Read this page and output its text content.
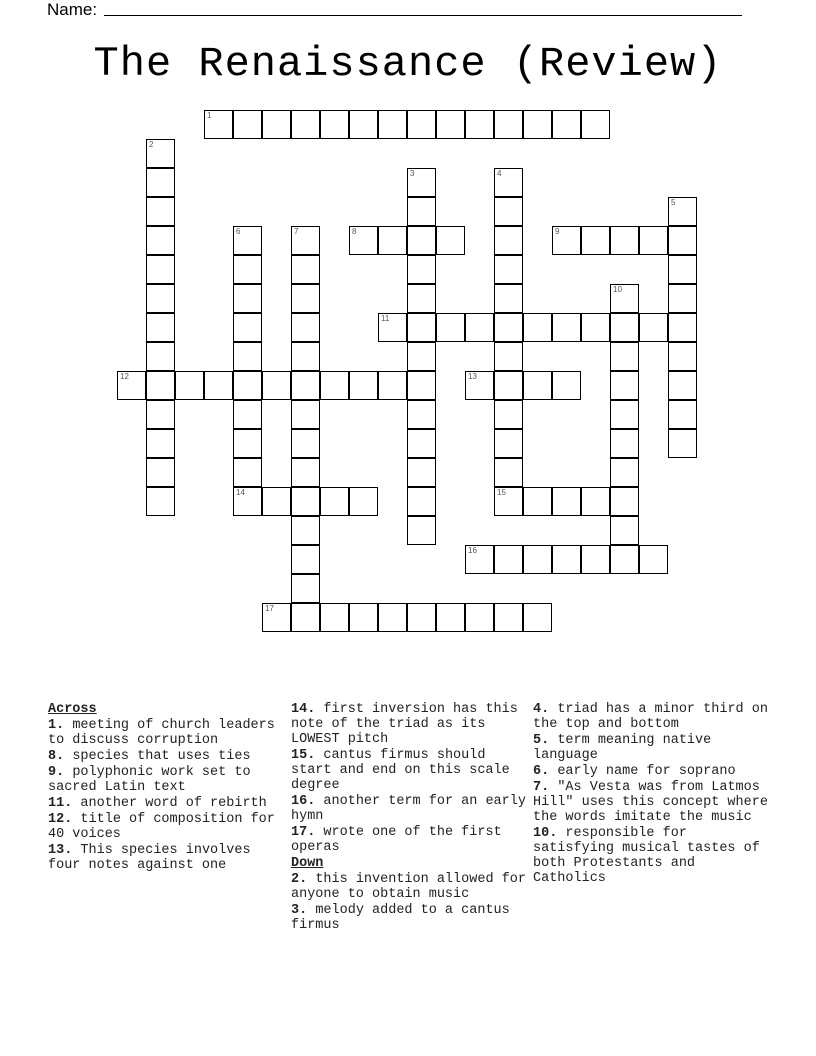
Name:
The Renaissance (Review)
1
2
3	4
5
6	7	8	9
10
11
12	13
14	15
16
17
Across
1. meeting of church leaders to discuss corruption
8. species that uses ties
9. polyphonic work set to sacred Latin text
11. another word of rebirth
12. title of composition for 40 voices
13. This species involves four notes against one
14. first inversion has this note of the triad as its LOWEST pitch
15. cantus firmus should start and end on this scale degree
16. another term for an early hymn
17. wrote one of the first operas
Down
2. this invention allowed for anyone to obtain music
3. melody added to a cantus firmus
4. triad has a minor third on the top and bottom
5. term meaning native language
6. early name for soprano
7. "As Vesta was from Latmos Hill" uses this concept where the words imitate the music
10. responsible for satisfying musical tastes of both Protestants and Catholics
